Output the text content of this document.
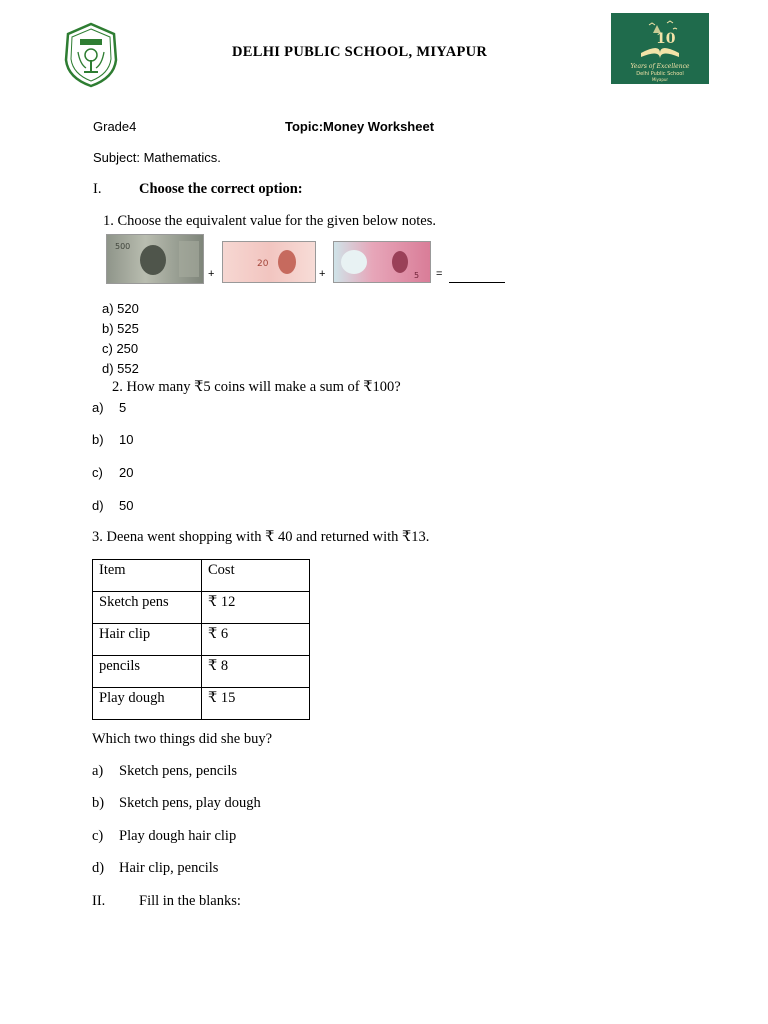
DELHI PUBLIC SCHOOL, MIYAPUR
10
Years of Excellence
Delhi Public School
Miyapur
Grade4	Topic:Money Worksheet
Subject: Mathematics.
I.	Choose the correct option:
1. Choose the equivalent value for the given below notes.
500
+
20
+	5 =
a) 520
b) 525
c) 250
d) 552
2. How many ₹5 coins will make a sum of ₹100?
a) 5
b) 10
c) 20
d) 50
3. Deena went shopping with ₹ 40 and returned with ₹13.
Item	Cost
Sketch pens	₹ 12
Hair clip	₹ 6
pencils	₹ 8
Play dough	₹ 15
Which two things did she buy?
a) Sketch pens, pencils
b) Sketch pens, play dough
c) Play dough hair clip
d) Hair clip, pencils
II. Fill in the blanks:
